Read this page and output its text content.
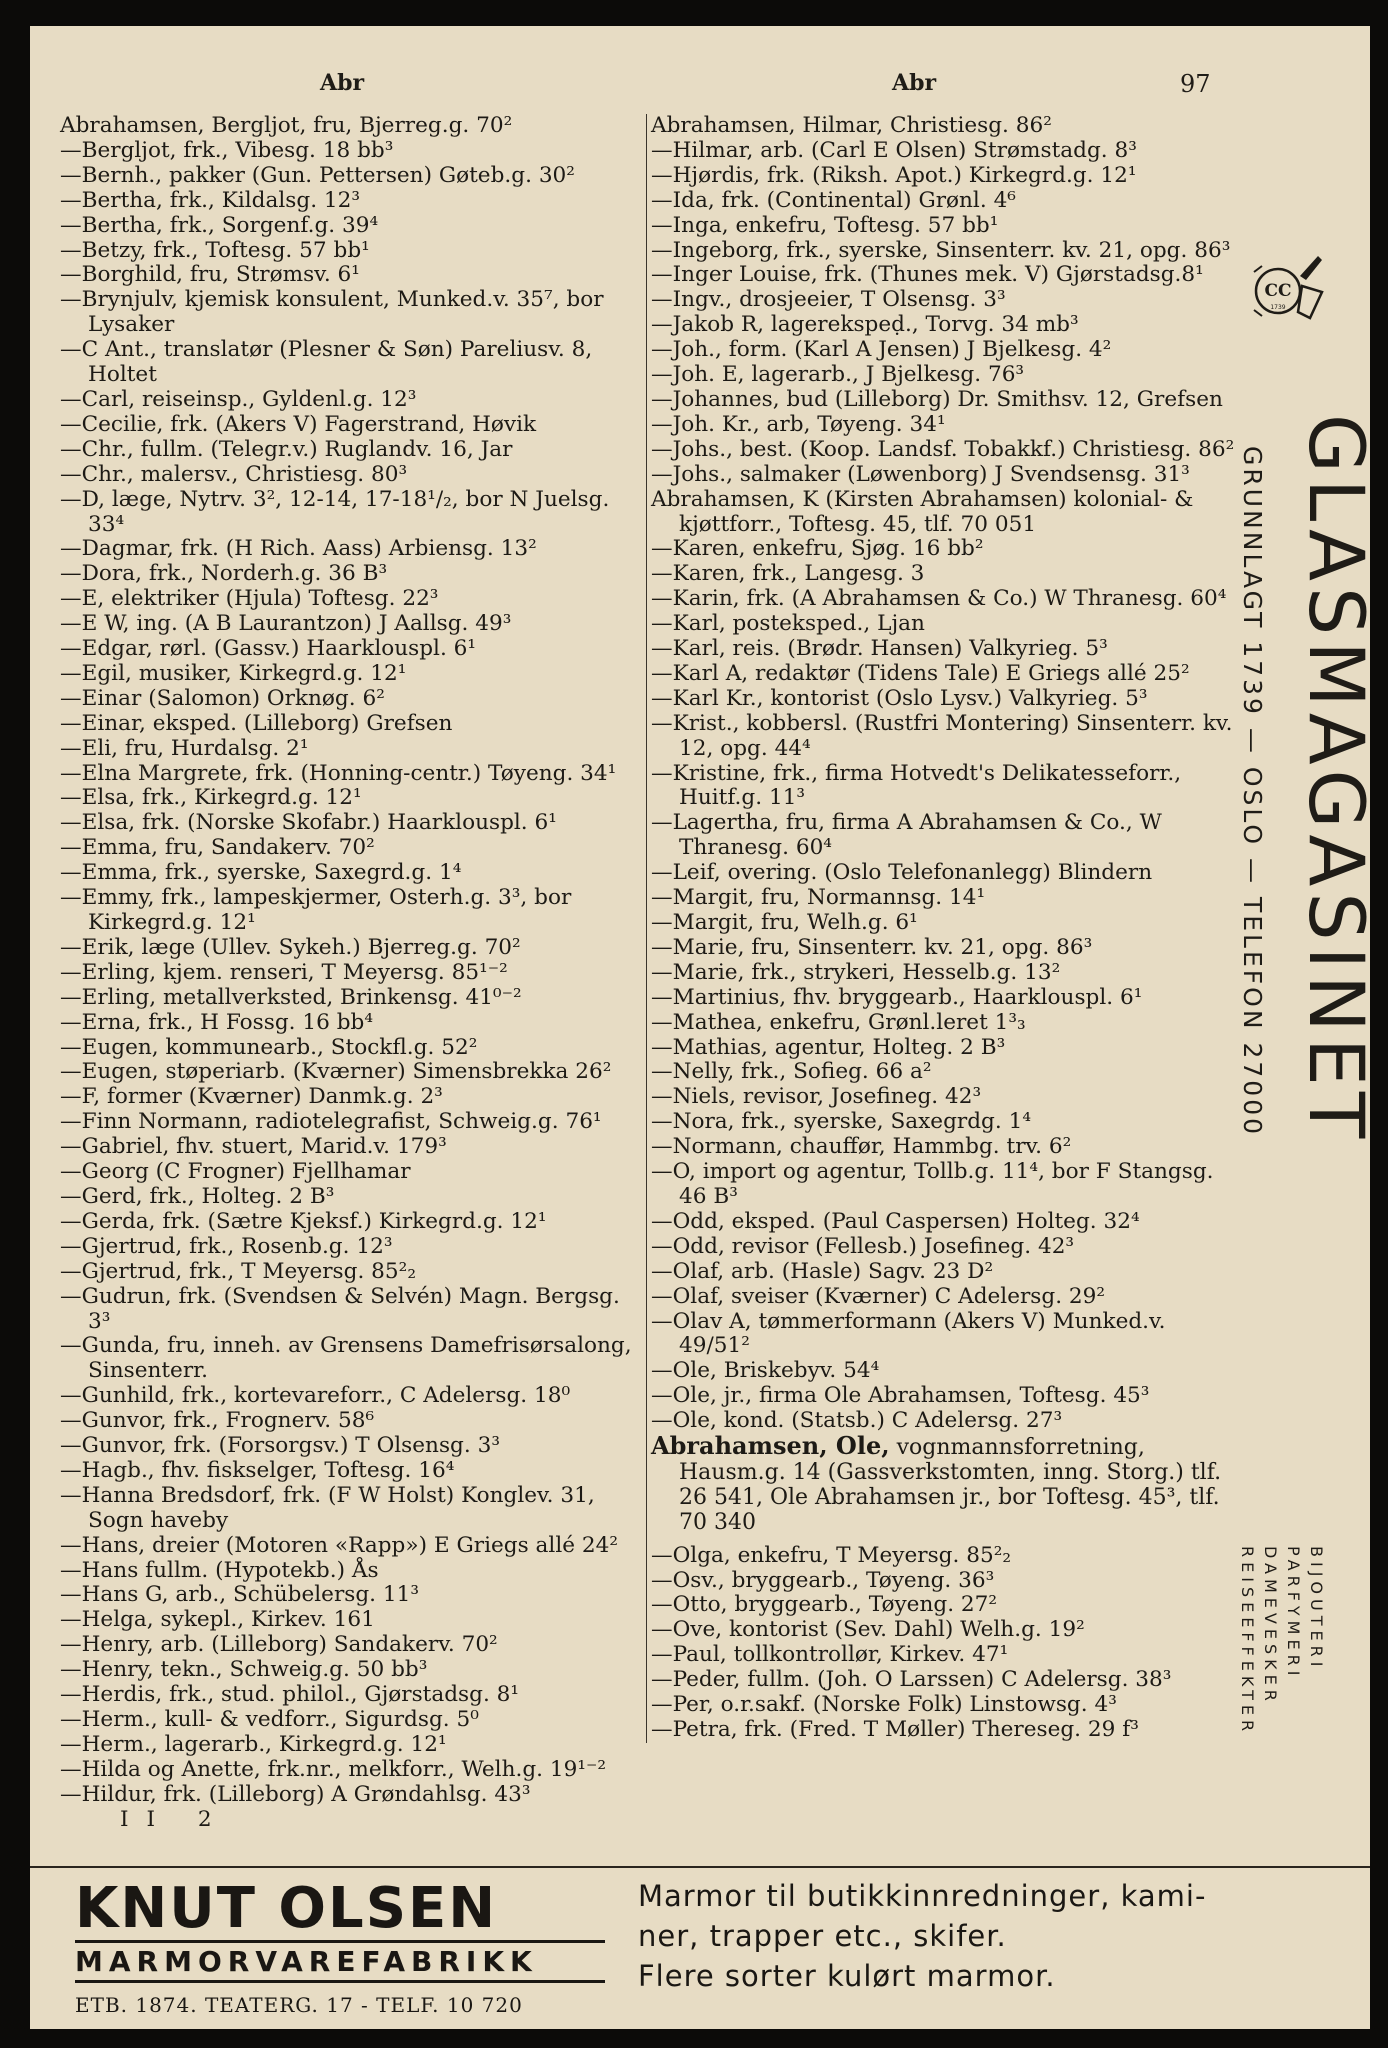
Abr	Abr	97
Abrahamsen, Bergljot, fru, Bjerreg.g. 70²
—Bergljot, frk., Vibesg. 18 bb³
—Bernh., pakker (Gun. Pettersen) Gøteb.g. 30²
—Bertha, frk., Kildalsg. 12³
—Bertha, frk., Sorgenf.g. 39⁴
—Betzy, frk., Toftesg. 57 bb¹
—Borghild, fru, Strømsv. 6¹
—Brynjulv, kjemisk konsulent, Munked.v. 35⁷, bor Lysaker
—C Ant., translatør (Plesner & Søn) Pareliusv. 8, Holtet
—Carl, reiseinsp., Gyldenl.g. 12³
—Cecilie, frk. (Akers V) Fagerstrand, Høvik
—Chr., fullm. (Telegr.v.) Ruglandv. 16, Jar
—Chr., malersv., Christiesg. 80³
—D, læge, Nytrv. 3², 12-14, 17-18¹/₂, bor N Juelsg. 33⁴
—Dagmar, frk. (H Rich. Aass) Arbiensg. 13²
—Dora, frk., Norderh.g. 36 B³
—E, elektriker (Hjula) Toftesg. 22³
—E W, ing. (A B Laurantzon) J Aallsg. 49³
—Edgar, rørl. (Gassv.) Haarklouspl. 6¹
—Egil, musiker, Kirkegrd.g. 12¹
—Einar (Salomon) Orknøg. 6²
—Einar, eksped. (Lilleborg) Grefsen
—Eli, fru, Hurdalsg. 2¹
—Elna Margrete, frk. (Honning-centr.) Tøyeng. 34¹
—Elsa, frk., Kirkegrd.g. 12¹
—Elsa, frk. (Norske Skofabr.) Haarklouspl. 6¹
—Emma, fru, Sandakerv. 70²
—Emma, frk., syerske, Saxegrd.g. 1⁴
—Emmy, frk., lampeskjermer, Osterh.g. 3³, bor Kirkegrd.g. 12¹
—Erik, læge (Ullev. Sykeh.) Bjerreg.g. 70²
—Erling, kjem. renseri, T Meyersg. 85¹⁻²
—Erling, metallverksted, Brinkensg. 41⁰⁻²
—Erna, frk., H Fossg. 16 bb⁴
—Eugen, kommunearb., Stockfl.g. 52²
—Eugen, støperiarb. (Kværner) Simensbrekka 26²
—F, former (Kværner) Danmk.g. 2³
—Finn Normann, radiotelegrafist, Schweig.g. 76¹
—Gabriel, fhv. stuert, Marid.v. 179³
—Georg (C Frogner) Fjellhamar
—Gerd, frk., Holteg. 2 B³
—Gerda, frk. (Sætre Kjeksf.) Kirkegrd.g. 12¹
—Gjertrud, frk., Rosenb.g. 12³
—Gjertrud, frk., T Meyersg. 85²₂
—Gudrun, frk. (Svendsen & Selvén) Magn. Bergsg. 3³
—Gunda, fru, inneh. av Grensens Damefrisørsalong, Sinsenterr.
—Gunhild, frk., kortevareforr., C Adelersg. 18⁰
—Gunvor, frk., Frognerv. 58⁶
—Gunvor, frk. (Forsorgsv.) T Olsensg. 3³
—Hagb., fhv. fiskselger, Toftesg. 16⁴
—Hanna Bredsdorf, frk. (F W Holst) Konglev. 31, Sogn haveby
—Hans, dreier (Motoren «Rapp») E Griegs allé 24²
—Hans fullm. (Hypotekb.) Ås
—Hans G, arb., Schübelersg. 11³
—Helga, sykepl., Kirkev. 161
—Henry, arb. (Lilleborg) Sandakerv. 70²
—Henry, tekn., Schweig.g. 50 bb³
—Herdis, frk., stud. philol., Gjørstadsg. 8¹
—Herm., kull- & vedforr., Sigurdsg. 5⁰
—Herm., lagerarb., Kirkegrd.g. 12¹
—Hilda og Anette, frk.nr., melkforr., Welh.g. 19¹⁻²
—Hildur, frk. (Lilleborg) A Grøndahlsg. 43³
II 2
Abrahamsen, Hilmar, Christiesg. 86²
—Hilmar, arb. (Carl E Olsen) Strømstadg. 8³
—Hjørdis, frk. (Riksh. Apot.) Kirkegrd.g. 12¹
—Ida, frk. (Continental) Grønl. 4⁶
—Inga, enkefru, Toftesg. 57 bb¹
—Ingeborg, frk., syerske, Sinsenterr. kv. 21, opg. 86³
—Inger Louise, frk. (Thunes mek. V) Gjørstadsg.8¹
—Ingv., drosjeeier, T Olsensg. 3³
—Jakob R, lagerekspeḍ., Torvg. 34 mb³
—Joh., form. (Karl A Jensen) J Bjelkesg. 4²
—Joh. E, lagerarb., J Bjelkesg. 76³
—Johannes, bud (Lilleborg) Dr. Smithsv. 12, Grefsen
—Joh. Kr., arb, Tøyeng. 34¹
—Johs., best. (Koop. Landsf. Tobakkf.) Christiesg. 86²
—Johs., salmaker (Løwenborg) J Svendsensg. 31³
Abrahamsen, K (Kirsten Abrahamsen) kolonial- & kjøttforr., Toftesg. 45, tlf. 70 051
—Karen, enkefru, Sjøg. 16 bb²
—Karen, frk., Langesg. 3
—Karin, frk. (A Abrahamsen & Co.) W Thranesg. 60⁴
—Karl, posteksped., Ljan
—Karl, reis. (Brødr. Hansen) Valkyrieg. 5³
—Karl A, redaktør (Tidens Tale) E Griegs allé 25²
—Karl Kr., kontorist (Oslo Lysv.) Valkyrieg. 5³
—Krist., kobbersl. (Rustfri Montering) Sinsenterr. kv. 12, opg. 44⁴
—Kristine, frk., firma Hotvedt's Delikatesseforr., Huitf.g. 11³
—Lagertha, fru, firma A Abrahamsen & Co., W Thranesg. 60⁴
—Leif, overing. (Oslo Telefonanlegg) Blindern
—Margit, fru, Normannsg. 14¹
—Margit, fru, Welh.g. 6¹
—Marie, fru, Sinsenterr. kv. 21, opg. 86³
—Marie, frk., strykeri, Hesselb.g. 13²
—Martinius, fhv. bryggearb., Haarklouspl. 6¹
—Mathea, enkefru, Grønl.leret 1³₃
—Mathias, agentur, Holteg. 2 B³
—Nelly, frk., Sofieg. 66 a²
—Niels, revisor, Josefineg. 42³
—Nora, frk., syerske, Saxegrdg. 1⁴
—Normann, chauffør, Hammbg. trv. 6²
—O, import og agentur, Tollb.g. 11⁴, bor F Stangsg. 46 B³
—Odd, eksped. (Paul Caspersen) Holteg. 32⁴
—Odd, revisor (Fellesb.) Josefineg. 42³
—Olaf, arb. (Hasle) Sagv. 23 D²
—Olaf, sveiser (Kværner) C Adelersg. 29²
—Olav A, tømmerformann (Akers V) Munked.v. 49/51²
—Ole, Briskebyv. 54⁴
—Ole, jr., firma Ole Abrahamsen, Toftesg. 45³
—Ole, kond. (Statsb.) C Adelersg. 27³
Abrahamsen, Ole, vognmannsforretning, Hausm.g. 14 (Gassverkstomten, inng. Storg.) tlf. 26 541, Ole Abrahamsen jr., bor Toftesg. 45³, tlf. 70 340
—Olga, enkefru, T Meyersg. 85²₂
—Osv., bryggearb., Tøyeng. 36³
—Otto, bryggearb., Tøyeng. 27²
—Ove, kontorist (Sev. Dahl) Welh.g. 19²
—Paul, tollkontrollør, Kirkev. 47¹
—Peder, fullm. (Joh. O Larssen) C Adelersg. 38³
—Per, o.r.sakf. (Norske Folk) Linstowsg. 4³
—Petra, frk. (Fred. T Møller) Thereseg. 29 f³
CC
1739
GLASMAGASINET
GRUNNLAGT 1739 — OSLO — TELEFON 27000
BIJOUTERI
PARFYMERI
DAMEVESKER
REISEEFFEKTER
KNUT OLSEN
MARMORVAREFABRIKK
ETB. 1874. TEATERG. 17 - TELF. 10 720
Marmor til butikkinnredninger, kami-
ner, trapper etc., skifer.
Flere sorter kulørt marmor.
